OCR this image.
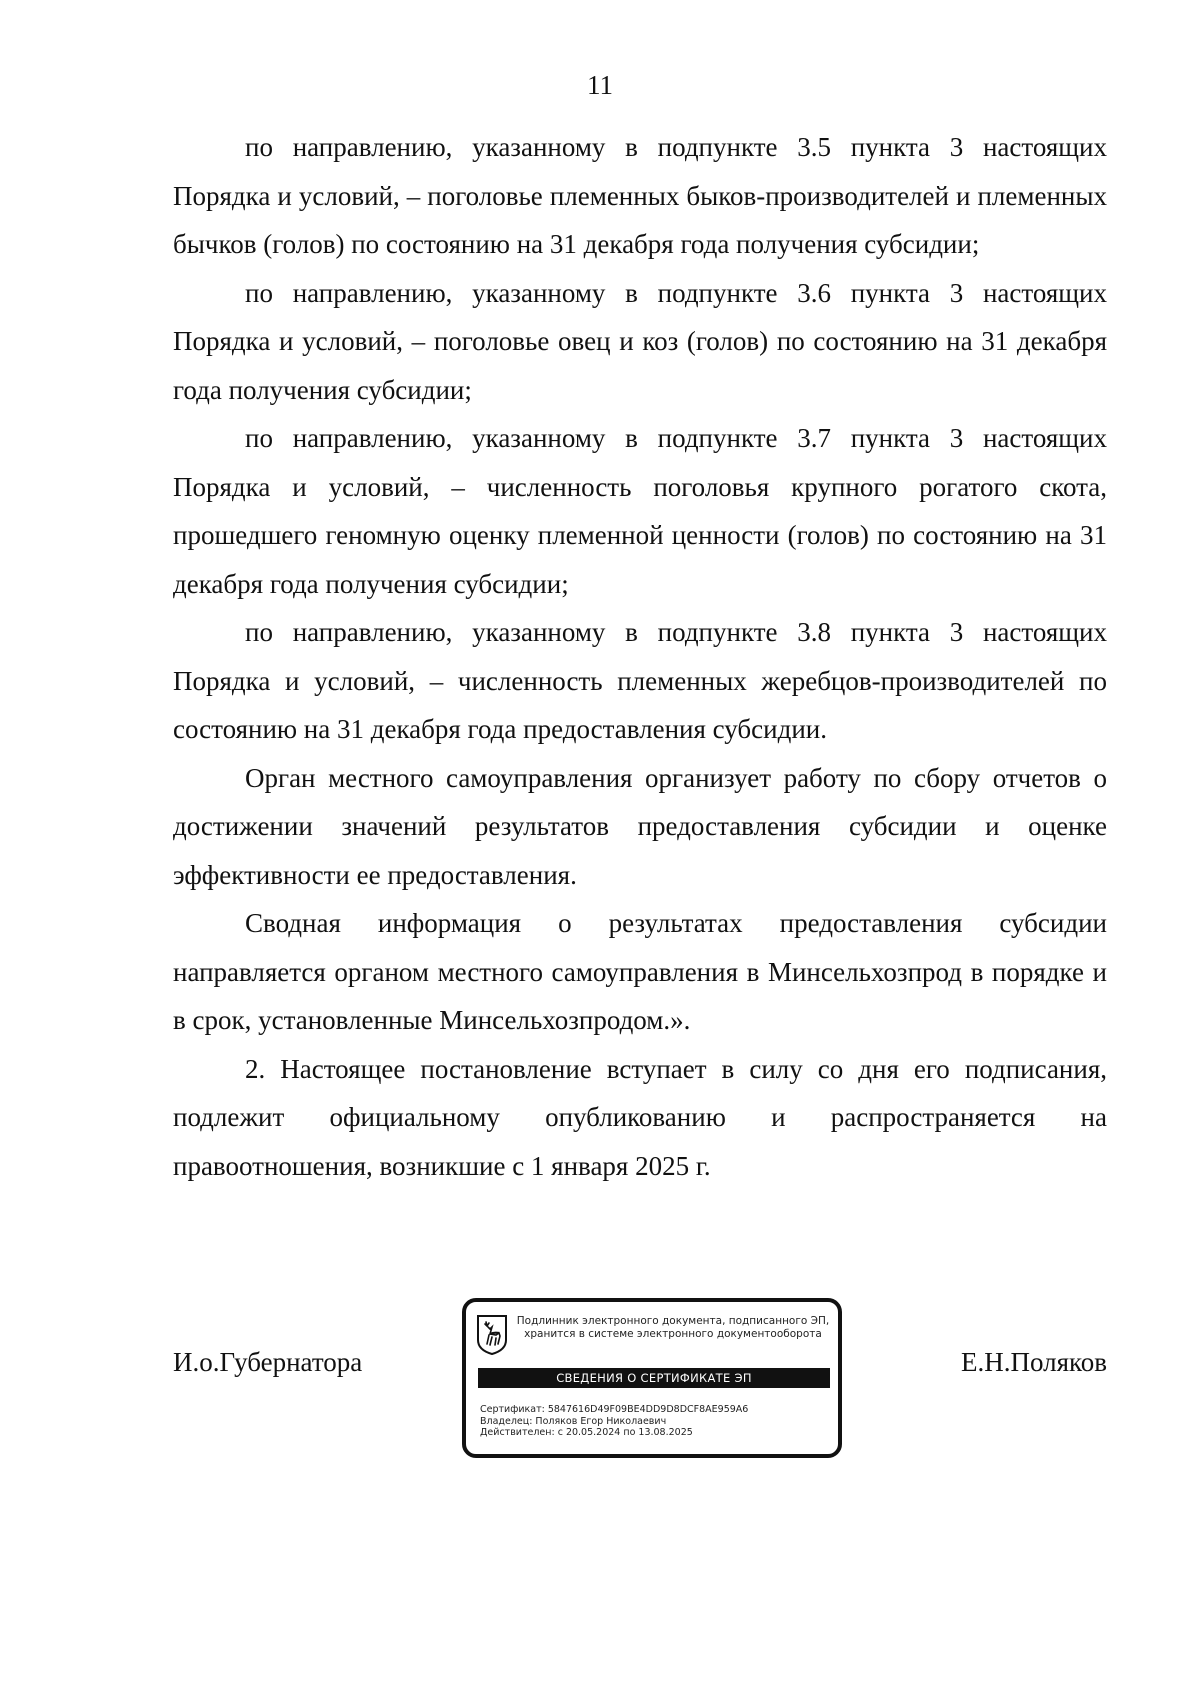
11

по направлению, указанному в подпункте 3.5 пункта 3 настоящих Порядка и условий, – поголовье племенных быков-производителей и племенных бычков (голов) по состоянию на 31 декабря года получения субсидии;

по направлению, указанному в подпункте 3.6 пункта 3 настоящих Порядка и условий, – поголовье овец и коз (голов) по состоянию на 31 декабря года получения субсидии;

по направлению, указанному в подпункте 3.7 пункта 3 настоящих Порядка и условий, – численность поголовья крупного рогатого скота, прошедшего геномную оценку племенной ценности (голов) по состоянию на 31 декабря года получения субсидии;

по направлению, указанному в подпункте 3.8 пункта 3 настоящих Порядка и условий, – численность племенных жеребцов-производителей по состоянию на 31 декабря года предоставления субсидии.

Орган местного самоуправления организует работу по сбору отчетов о достижении значений результатов предоставления субсидии и оценке эффективности ее предоставления.

Сводная информация о результатах предоставления субсидии направляется органом местного самоуправления в Минсельхозпрод в порядке и в срок, установленные Минсельхозпродом.».

2. Настоящее постановление вступает в силу со дня его подписания, подлежит официальному опубликованию и распространяется на правоотношения, возникшие с 1 января 2025 г.

И.о.Губернатора	Е.Н.Поляков
Подлинник электронного документа, подписанного ЭП,
хранится в системе электронного документооборота
СВЕДЕНИЯ О СЕРТИФИКАТЕ ЭП
Сертификат: 5847616D49F09BE4DD9D8DCF8AE959A6
Владелец: Поляков Егор Николаевич
Действителен: с 20.05.2024 по 13.08.2025
